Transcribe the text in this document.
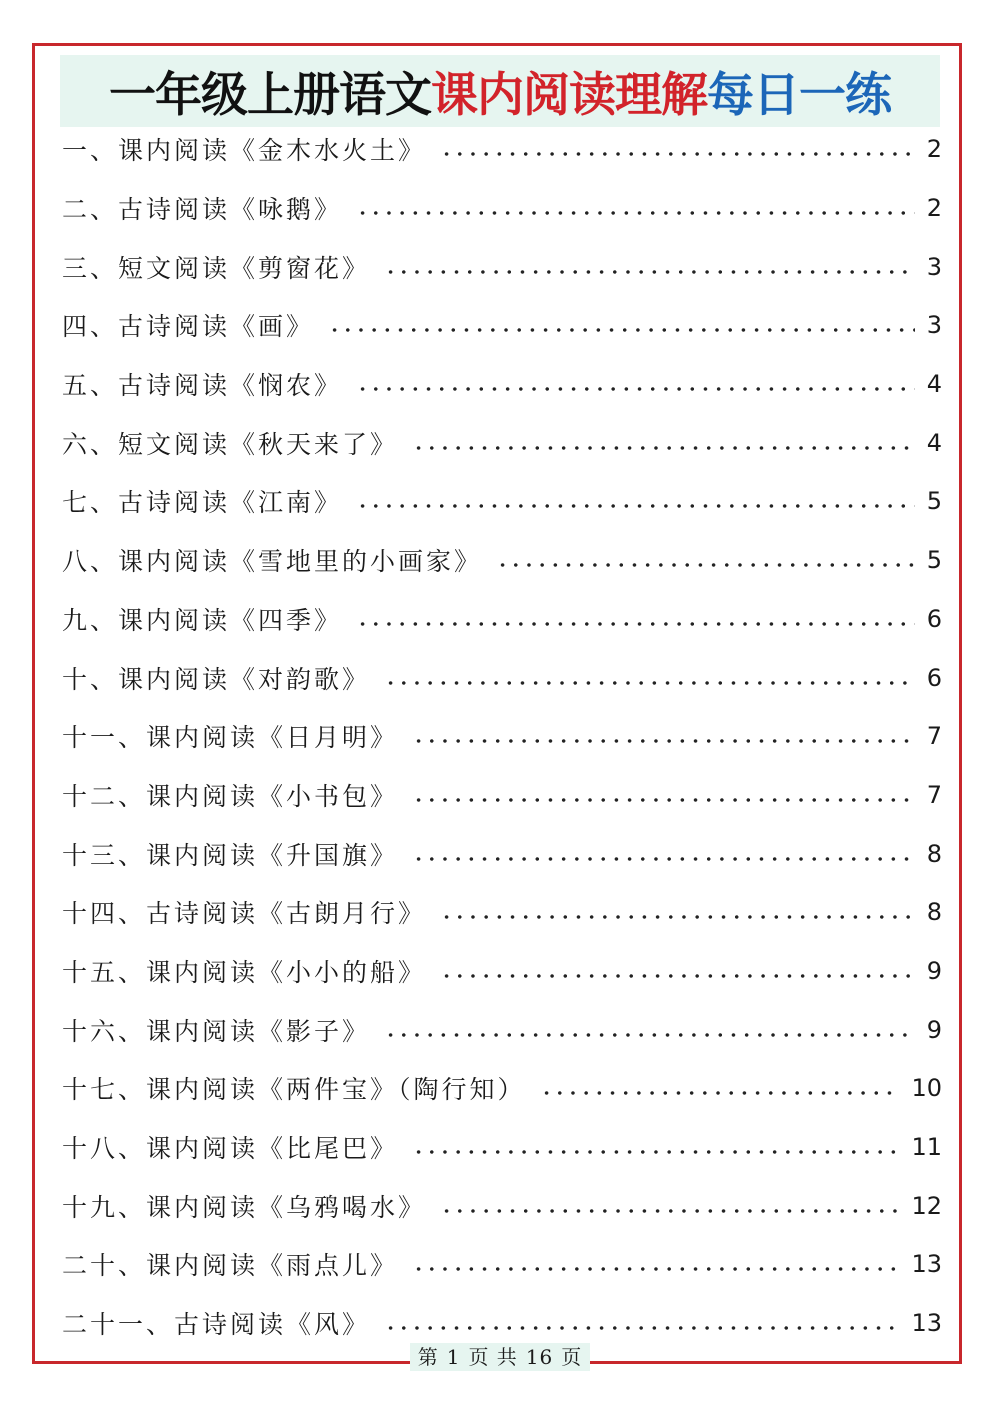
一年级上册语文 课内阅读理解 每日一练
一、课内阅读《金木水火土》	2
二、古诗阅读《咏鹅》	2
三、短文阅读《剪窗花》	3
四、古诗阅读《画》	3
五、古诗阅读《悯农》	4
六、短文阅读《秋天来了》	4
七、古诗阅读《江南》	5
八、课内阅读《雪地里的小画家》	5
九、课内阅读《四季》	6
十、课内阅读《对韵歌》	6
十一、课内阅读《日月明》	7
十二、课内阅读《小书包》	7
十三、课内阅读《升国旗》	8
十四、古诗阅读《古朗月行》	8
十五、课内阅读《小小的船》	9
十六、课内阅读《影子》	9
十七、课内阅读《两件宝》（陶行知）	10
十八、课内阅读《比尾巴》	11
十九、课内阅读《乌鸦喝水》	12
二十、课内阅读《雨点儿》	13
二十一、古诗阅读《风》	13
第 1 页 共 16 页
